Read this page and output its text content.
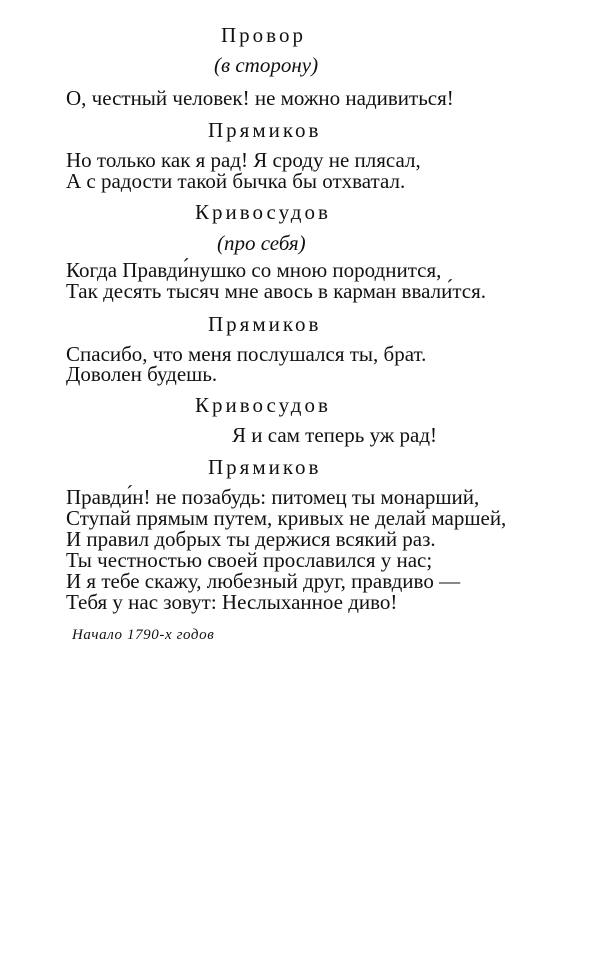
Провор
(в сторону)
О, честный человек! не можно надивиться!
Прямиков
Но только как я рад! Я сроду не плясал,
А с радости такой бычка бы отхватал.
Кривосудов
(про себя)
Когда Правди́нушко со мною породнится,
Так десять тысяч мне авось в карман ввали́тся.
Прямиков
Спасибо, что меня послушался ты, брат.
Доволен будешь.
Кривосудов
Я и сам теперь уж рад!
Прямиков
Правди́н! не позабудь: питомец ты монарший,
Ступай прямым путем, кривых не делай маршей,
И правил добрых ты держися всякий раз.
Ты честностью своей прославился у нас;
И я тебе скажу, любезный друг, правдиво —
Тебя у нас зовут: Неслыханное диво!
Начало 1790-х годов
